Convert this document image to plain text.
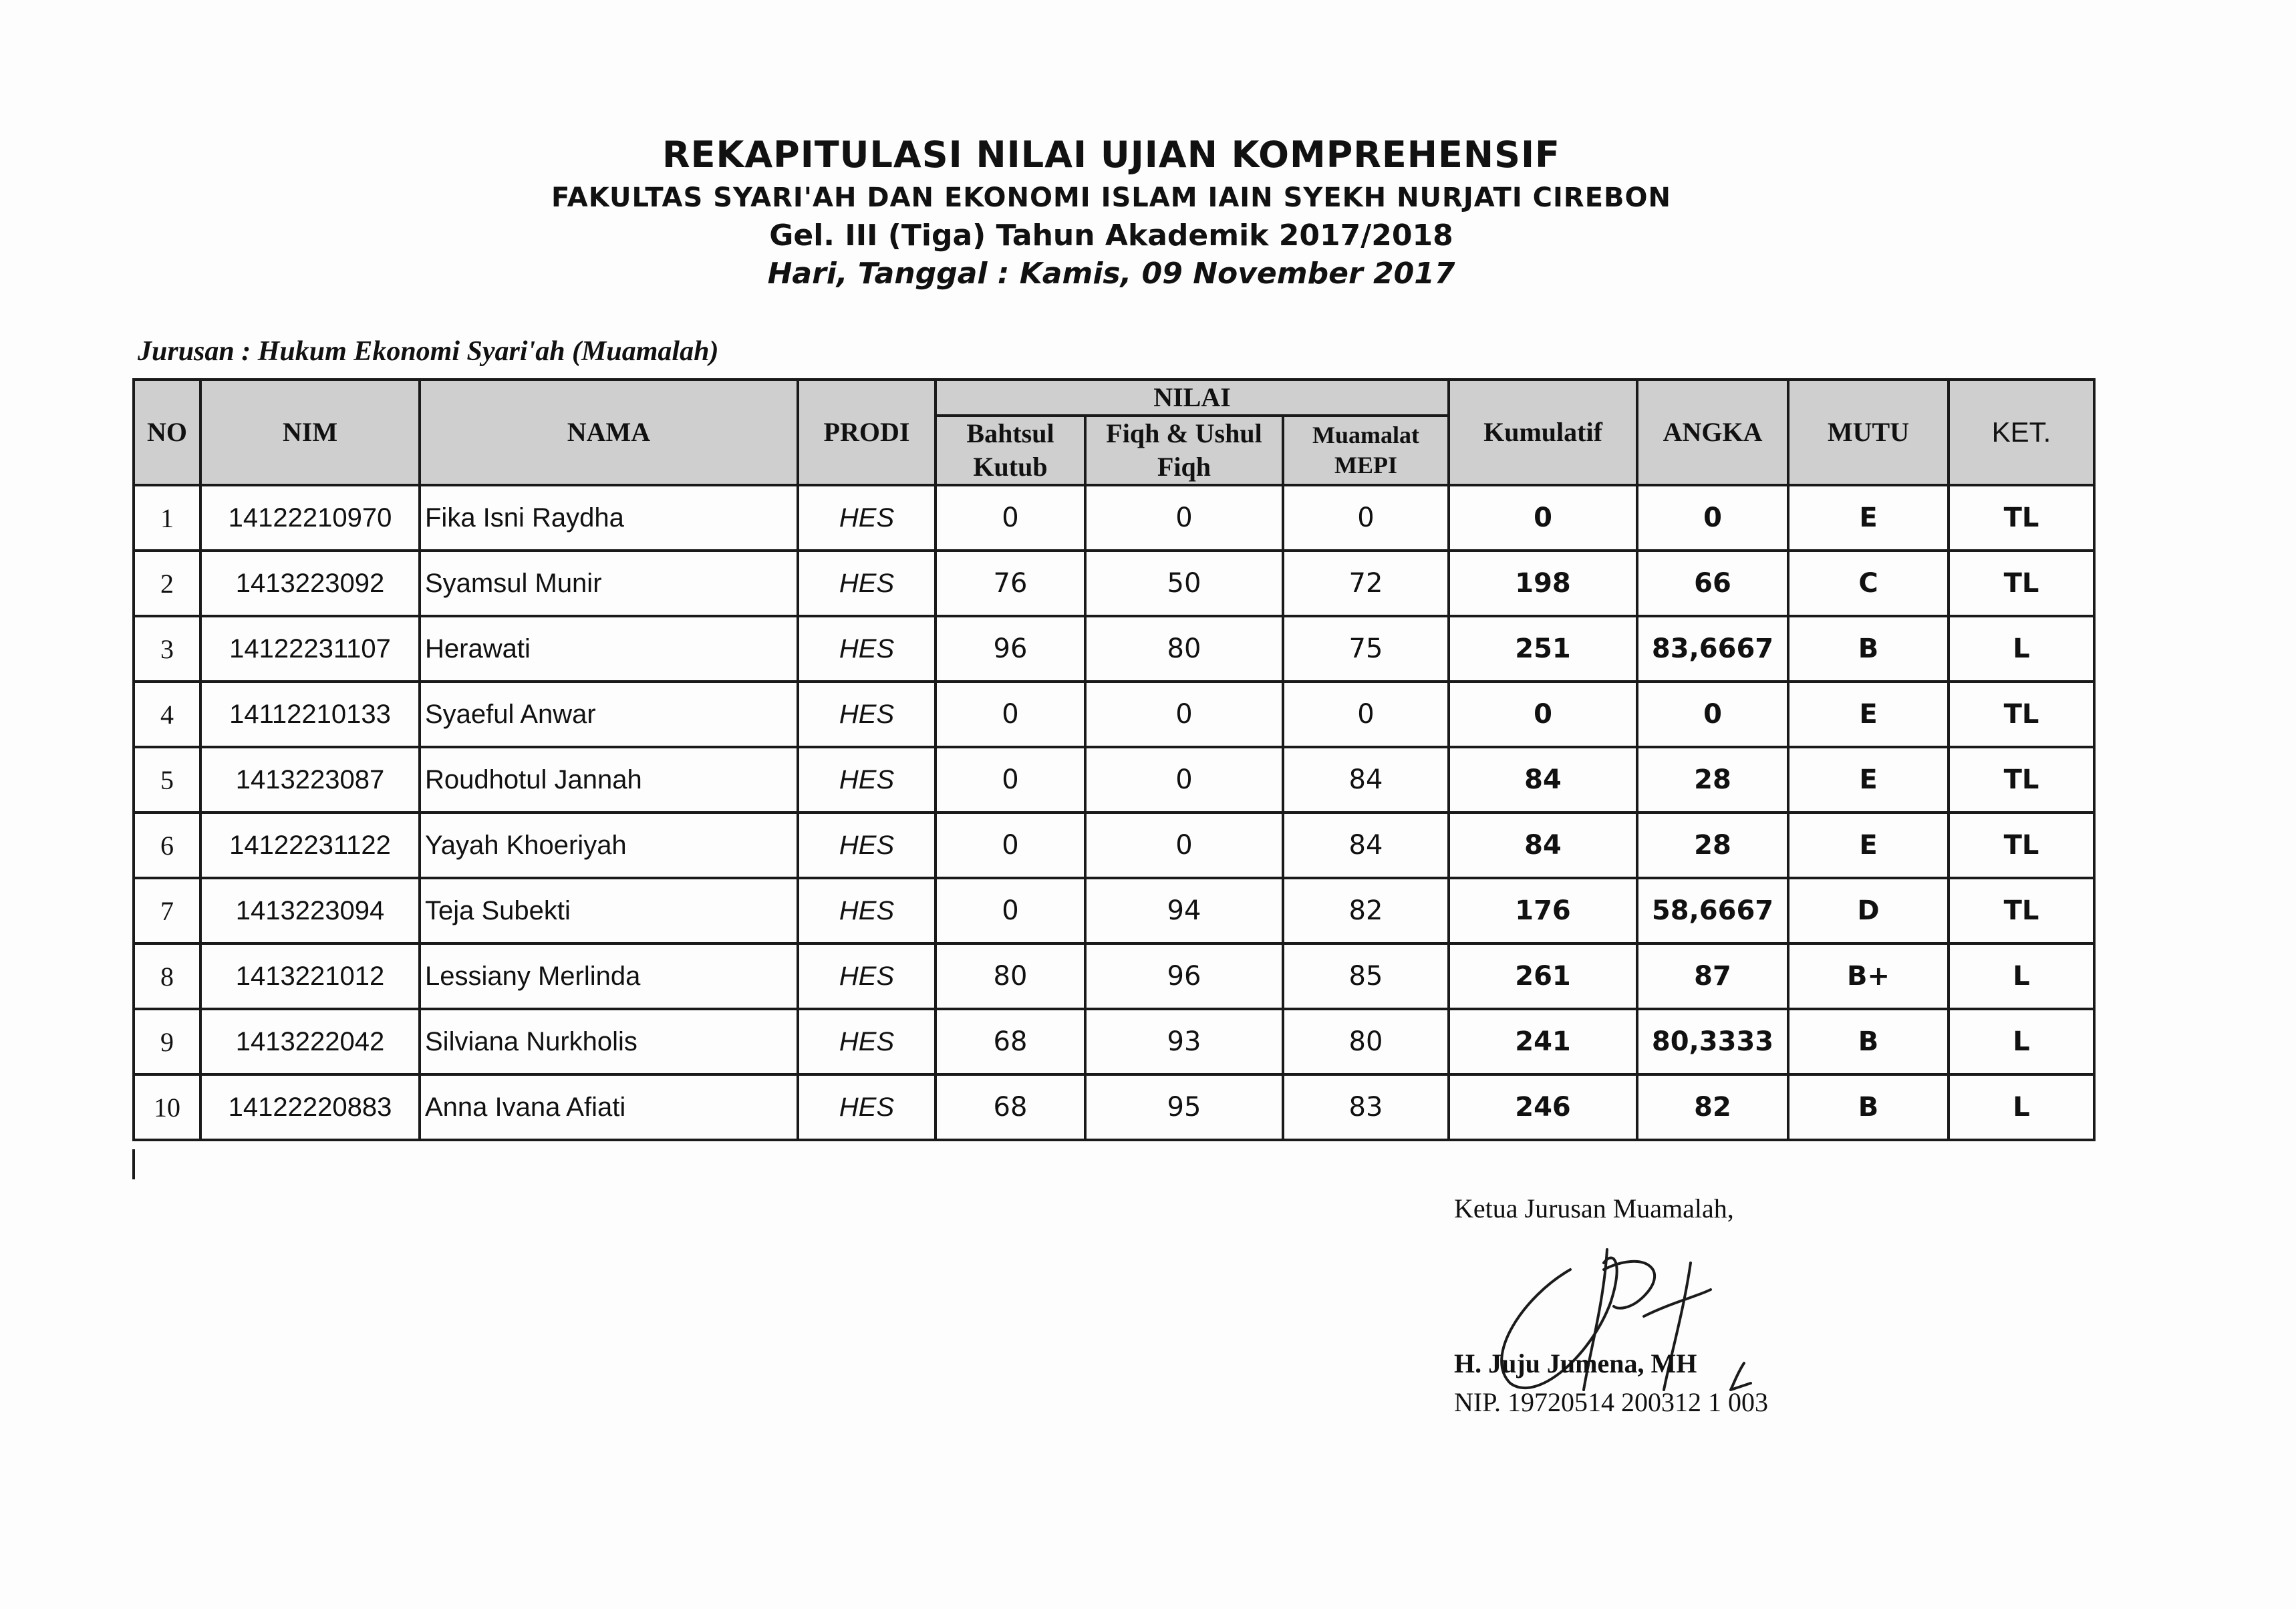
REKAPITULASI NILAI UJIAN KOMPREHENSIF
FAKULTAS SYARI'AH DAN EKONOMI ISLAM IAIN SYEKH NURJATI CIREBON
Gel. III (Tiga) Tahun Akademik 2017/2018
Hari, Tanggal : Kamis, 09 November 2017
Jurusan : Hukum Ekonomi Syari'ah (Muamalah)
NO	NIM	NAMA	PRODI	NILAI			Kumulatif	ANGKA	MUTU	KET.
				Bahtsul Kutub	Fiqh & Ushul Fiqh	Muamalat MEPI				
1	14122210970	Fika Isni Raydha	HES	0	0	0	0	0	E	TL
2	1413223092	Syamsul Munir	HES	76	50	72	198	66	C	TL
3	14122231107	Herawati	HES	96	80	75	251	83,6667	B	L
4	14112210133	Syaeful Anwar	HES	0	0	0	0	0	E	TL
5	1413223087	Roudhotul Jannah	HES	0	0	84	84	28	E	TL
6	14122231122	Yayah Khoeriyah	HES	0	0	84	84	28	E	TL
7	1413223094	Teja Subekti	HES	0	94	82	176	58,6667	D	TL
8	1413221012	Lessiany Merlinda	HES	80	96	85	261	87	B+	L
9	1413222042	Silviana Nurkholis	HES	68	93	80	241	80,3333	B	L
10	14122220883	Anna Ivana Afiati	HES	68	95	83	246	82	B	L
Ketua Jurusan Muamalah,
H. Juju Jumena, MH
NIP. 19720514 200312 1 003
